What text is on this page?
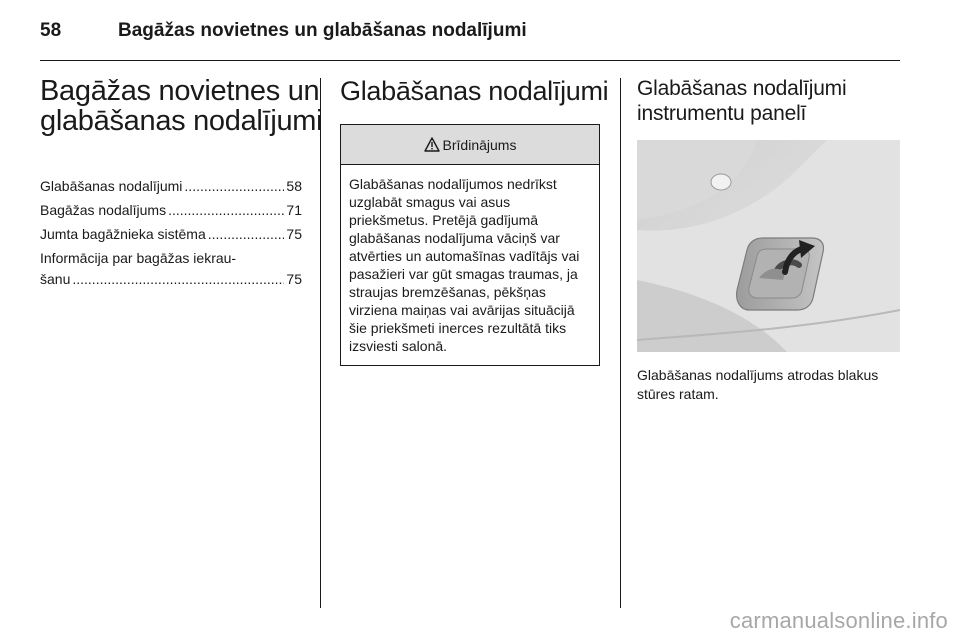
58	Bagāžas novietnes un glabāšanas nodalījumi
Bagāžas novietnes un
glabāšanas nodalījumi
Glabāšanas nodalījumi .....	58
Bagāžas nodalījums .....	71
Jumta bagāžnieka sistēma .....	75
Informācija par bagāžas iekrau-
šanu .....	75
Glabāšanas nodalījumi
Brīdinājums
Glabāšanas nodalījumos nedrīkst uzglabāt smagus vai asus priekšmetus. Pretējā gadījumā glabāšanas nodalījuma vāciņš var atvērties un automašīnas vadītājs vai pasažieri var gūt smagas traumas, ja straujas bremzēšanas, pēkšņas virziena maiņas vai avārijas situācijā šie priekšmeti inerces rezultātā tiks izsviesti salonā.
Glabāšanas nodalījumi instrumentu panelī
Glabāšanas nodalījums atrodas blakus stūres ratam.
carmanualsonline.info
